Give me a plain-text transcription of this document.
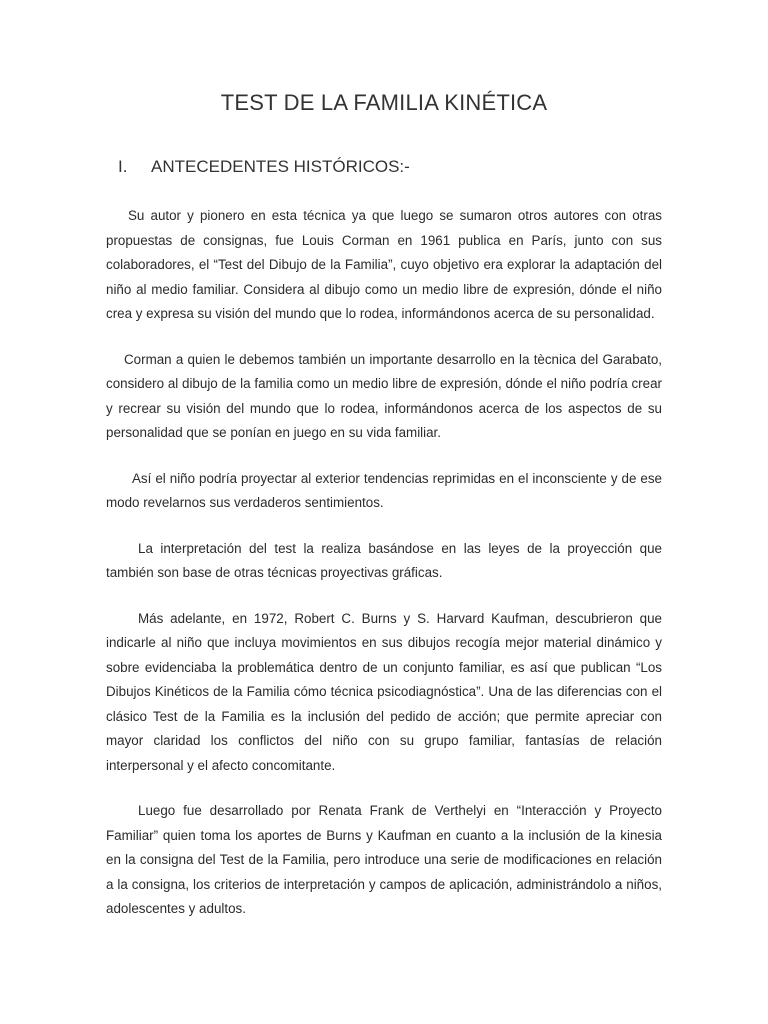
TEST DE LA FAMILIA KINÉTICA
I. ANTECEDENTES HISTÓRICOS:-

Su autor y pionero en esta técnica ya que luego se sumaron otros autores con otras propuestas de consignas, fue Louis Corman en 1961 publica en París, junto con sus colaboradores, el “Test del Dibujo de la Familia”, cuyo objetivo era explorar la adaptación del niño al medio familiar. Considera al dibujo como un medio libre de expresión, dónde el niño crea y expresa su visión del mundo que lo rodea, informándonos acerca de su personalidad.

Corman a quien le debemos también un importante desarrollo en la tècnica del Garabato, considero al dibujo de la familia como un medio libre de expresión, dónde el niño podría crear y recrear su visión del mundo que lo rodea, informándonos acerca de los aspectos de su personalidad que se ponían en juego en su vida familiar.

Así el niño podría proyectar al exterior tendencias reprimidas en el inconsciente y de ese modo revelarnos sus verdaderos sentimientos.

La interpretación del test la realiza basándose en las leyes de la proyección que también son base de otras técnicas proyectivas gráficas.

Más adelante, en 1972, Robert C. Burns y S. Harvard Kaufman, descubrieron que indicarle al niño que incluya movimientos en sus dibujos recogía mejor material dinámico y sobre evidenciaba la problemática dentro de un conjunto familiar, es así que publican “Los Dibujos Kinéticos de la Familia cómo técnica psicodiagnóstica”. Una de las diferencias con el clásico Test de la Familia es la inclusión del pedido de acción; que permite apreciar con mayor claridad los conflictos del niño con su grupo familiar, fantasías de relación interpersonal y el afecto concomitante.

Luego fue desarrollado por Renata Frank de Verthelyi en “Interacción y Proyecto Familiar” quien toma los aportes de Burns y Kaufman en cuanto a la inclusión de la kinesia en la consigna del Test de la Familia, pero introduce una serie de modificaciones en relación a la consigna, los criterios de interpretación y campos de aplicación, administrándolo a niños, adolescentes y adultos.
